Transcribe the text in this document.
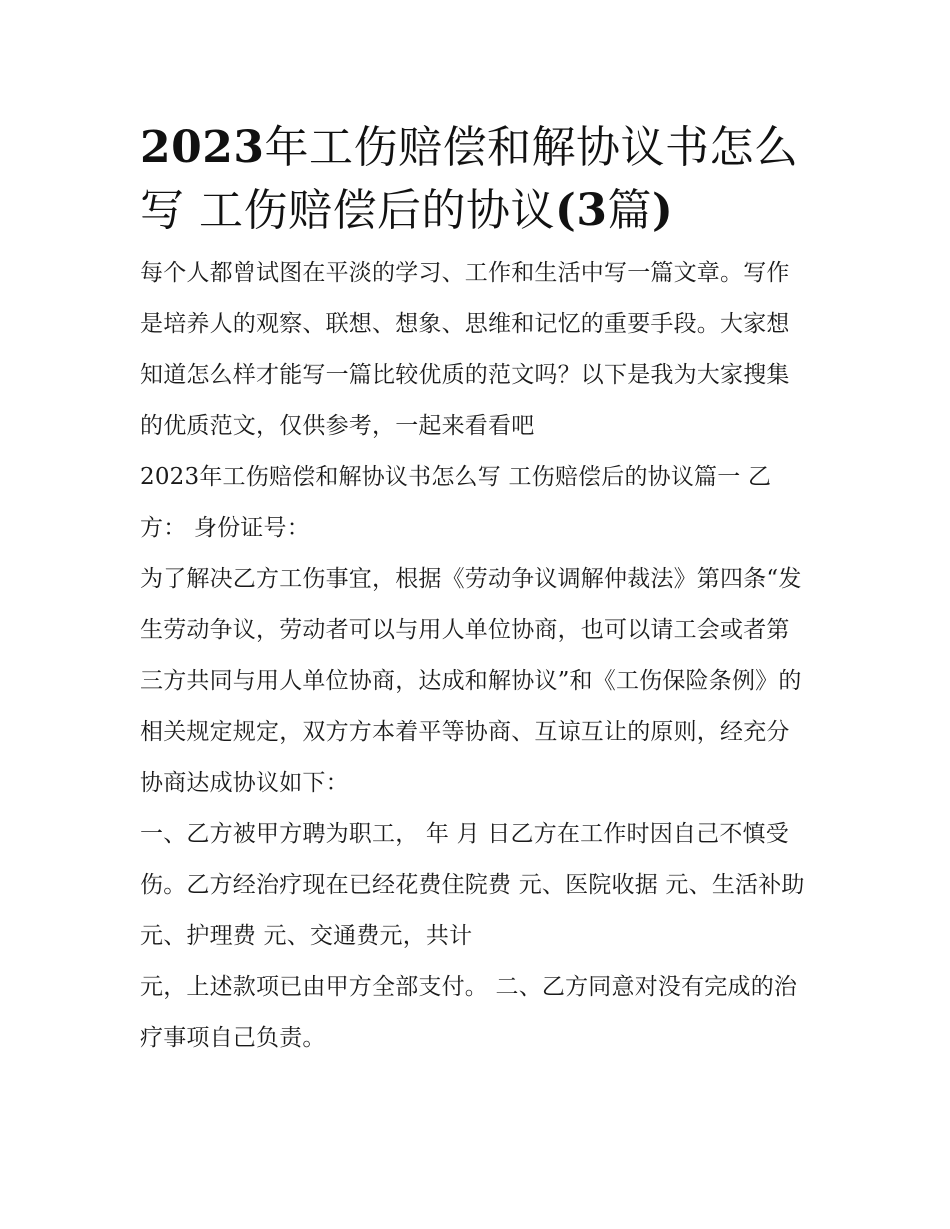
2023年工伤赔偿和解协议书怎么写 工伤赔偿后的协议(3篇)

每个人都曾试图在平淡的学习、工作和生活中写一篇文章。写作是培养人的观察、联想、想象、思维和记忆的重要手段。大家想知道怎么样才能写一篇比较优质的范文吗？以下是我为大家搜集的优质范文，仅供参考，一起来看看吧

2023年工伤赔偿和解协议书怎么写 工伤赔偿后的协议篇一 乙方： 身份证号：

为了解决乙方工伤事宜，根据《劳动争议调解仲裁法》第四条“发生劳动争议，劳动者可以与用人单位协商，也可以请工会或者第三方共同与用人单位协商，达成和解协议”和《工伤保险条例》的相关规定规定，双方方本着平等协商、互谅互让的原则，经充分协商达成协议如下：

一、乙方被甲方聘为职工， 年 月 日乙方在工作时因自己不慎受伤。乙方经治疗现在已经花费住院费 元、医院收据 元、生活补助 元、护理费 元、交通费元，共计

元，上述款项已由甲方全部支付。 二、乙方同意对没有完成的治疗事项自己负责。
